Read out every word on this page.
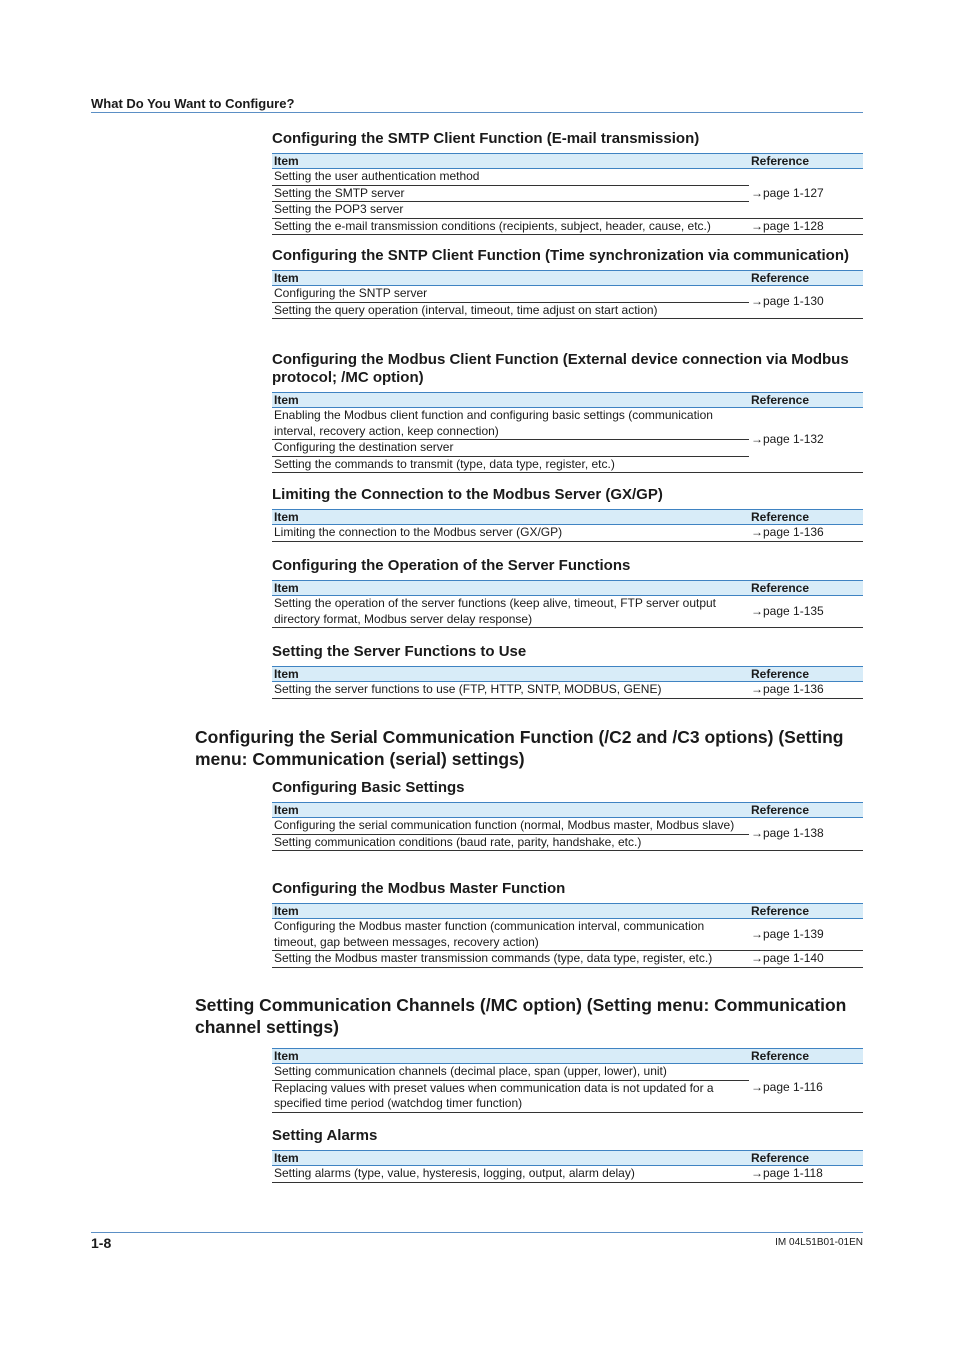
What Do You Want to Configure?
Configuring the SMTP Client Function (E-mail transmission)
Item	Reference
Setting the user authentication method	→page 1-127
Setting the SMTP server	
Setting the POP3 server	
Setting the e-mail transmission conditions (recipients, subject, header, cause, etc.)	→page 1-128
Configuring the SNTP Client Function (Time synchronization via communication)
Item	Reference
Configuring the SNTP server	→page 1-130
Setting the query operation (interval, timeout, time adjust on start action)	
Configuring the Modbus Client Function (External device connection via Modbus protocol; /MC option)
Item	Reference
Enabling the Modbus client function and configuring basic settings (communication interval, recovery action, keep connection)	→page 1-132
Configuring the destination server	
Setting the commands to transmit (type, data type, register, etc.)	
Limiting the Connection to the Modbus Server (GX/GP)
Item	Reference
Limiting the connection to the Modbus server (GX/GP)	→page 1-136
Configuring the Operation of the Server Functions
Item	Reference
Setting the operation of the server functions (keep alive, timeout, FTP server output directory format, Modbus server delay response)	→page 1-135
Setting the Server Functions to Use
Item	Reference
Setting the server functions to use (FTP, HTTP, SNTP, MODBUS, GENE)	→page 1-136
Configuring the Serial Communication Function (/C2 and /C3 options) (Setting menu: Communication (serial) settings)
Configuring Basic Settings
Item	Reference
Configuring the serial communication function (normal, Modbus master, Modbus slave)	→page 1-138
Setting communication conditions (baud rate, parity, handshake, etc.)	
Configuring the Modbus Master Function
Item	Reference
Configuring the Modbus master function (communication interval, communication timeout, gap between messages, recovery action)	→page 1-139
Setting the Modbus master transmission commands (type, data type, register, etc.)	→page 1-140
Setting Communication Channels (/MC option) (Setting menu: Communication channel settings)
Item	Reference
Setting communication channels (decimal place, span (upper, lower), unit)	→page 1-116
Replacing values with preset values when communication data is not updated for a specified time period (watchdog timer function)	
Setting Alarms
Item	Reference
Setting alarms (type, value, hysteresis, logging, output, alarm delay)	→page 1-118
1-8	IM 04L51B01-01EN
